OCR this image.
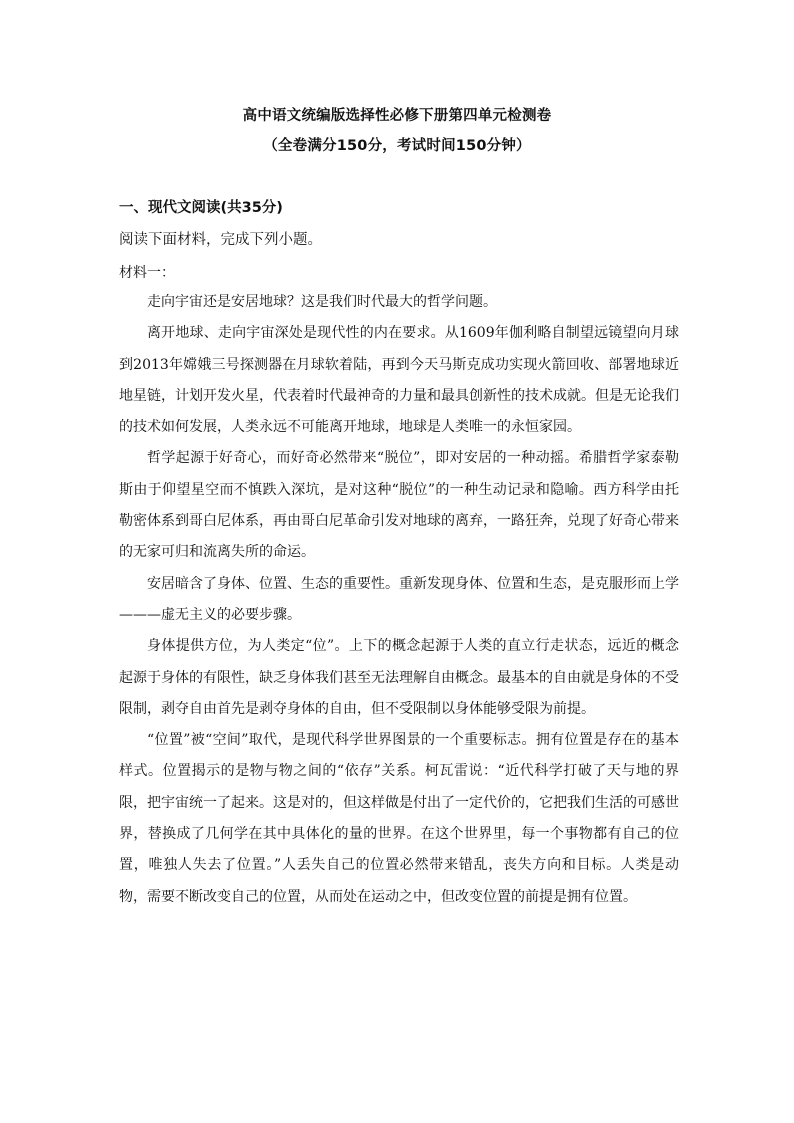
高中语文统编版选择性必修下册第四单元检测卷
（全卷满分150分，考试时间150分钟）
一、现代文阅读(共35分)
阅读下面材料，完成下列小题。
材料一：

走向宇宙还是安居地球？这是我们时代最大的哲学问题。

离开地球、走向宇宙深处是现代性的内在要求。从1609年伽利略自制望远镜望向月球到2013年嫦娥三号探测器在月球软着陆，再到今天马斯克成功实现火箭回收、部署地球近地星链，计划开发火星，代表着时代最神奇的力量和最具创新性的技术成就。但是无论我们的技术如何发展，人类永远不可能离开地球，地球是人类唯一的永恒家园。

哲学起源于好奇心，而好奇必然带来“脱位”，即对安居的一种动摇。希腊哲学家泰勒斯由于仰望星空而不慎跌入深坑，是对这种“脱位”的一种生动记录和隐喻。西方科学由托勒密体系到哥白尼体系，再由哥白尼革命引发对地球的离弃，一路狂奔，兑现了好奇心带来的无家可归和流离失所的命运。

安居暗含了身体、位置、生态的重要性。重新发现身体、位置和生态，是克服形而上学———虚无主义的必要步骤。

身体提供方位，为人类定“位”。上下的概念起源于人类的直立行走状态，远近的概念起源于身体的有限性，缺乏身体我们甚至无法理解自由概念。最基本的自由就是身体的不受限制，剥夺自由首先是剥夺身体的自由，但不受限制以身体能够受限为前提。

“位置”被“空间”取代，是现代科学世界图景的一个重要标志。拥有位置是存在的基本样式。位置揭示的是物与物之间的“依存”关系。柯瓦雷说：“近代科学打破了天与地的界限，把宇宙统一了起来。这是对的，但这样做是付出了一定代价的，它把我们生活的可感世界，替换成了几何学在其中具体化的量的世界。在这个世界里，每一个事物都有自己的位置，唯独人失去了位置。”人丢失自己的位置必然带来错乱，丧失方向和目标。人类是动物，需要不断改变自己的位置，从而处在运动之中，但改变位置的前提是拥有位置。
